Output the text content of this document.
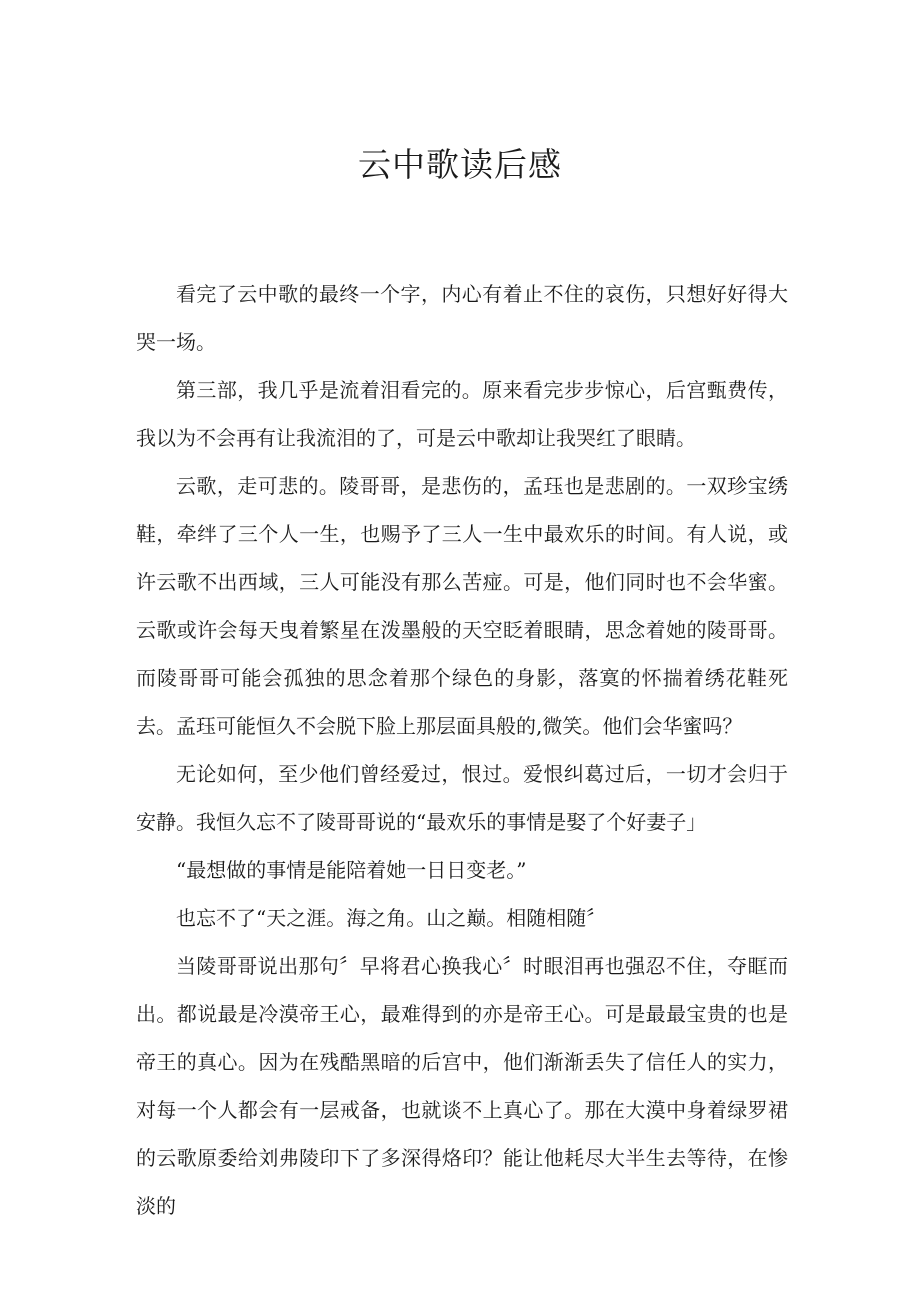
云中歌读后感

看完了云中歌的最终一个字，内心有着止不住的哀伤，只想好好得大哭一场。

第三部，我几乎是流着泪看完的。原来看完步步惊心，后宫甄费传，我以为不会再有让我流泪的了，可是云中歌却让我哭红了眼睛。

云歌，走可悲的。陵哥哥，是悲伤的，孟珏也是悲剧的。一双珍宝绣鞋，牵绊了三个人一生，也赐予了三人一生中最欢乐的时间。有人说，或许云歌不出西域，三人可能没有那么苦痖。可是，他们同时也不会华蜜。云歌或许会每天曳着繁星在泼墨般的天空眨着眼睛，思念着她的陵哥哥。而陵哥哥可能会孤独的思念着那个绿色的身影，落寞的怀揣着绣花鞋死去。孟珏可能恒久不会脱下脸上那层面具般的,微笑。他们会华蜜吗？

无论如何，至少他们曾经爱过，恨过。爱恨纠葛过后，一切才会归于安静。我恒久忘不了陵哥哥说的“最欢乐的事情是娶了个好妻子」

“最想做的事情是能陪着她一日日变老。”

也忘不了“天之涯。海之角。山之巅。相随相随〞

当陵哥哥说出那句〞早将君心换我心〞时眼泪再也强忍不住，夺眶而出。都说最是冷漠帝王心，最难得到的亦是帝王心。可是最最宝贵的也是帝王的真心。因为在残酷黑暗的后宫中，他们渐渐丢失了信任人的实力，对每一个人都会有一层戒备，也就谈不上真心了。那在大漠中身着绿罗裙的云歌原委给刘弗陵印下了多深得烙印？能让他耗尽大半生去等待，在惨淡的
